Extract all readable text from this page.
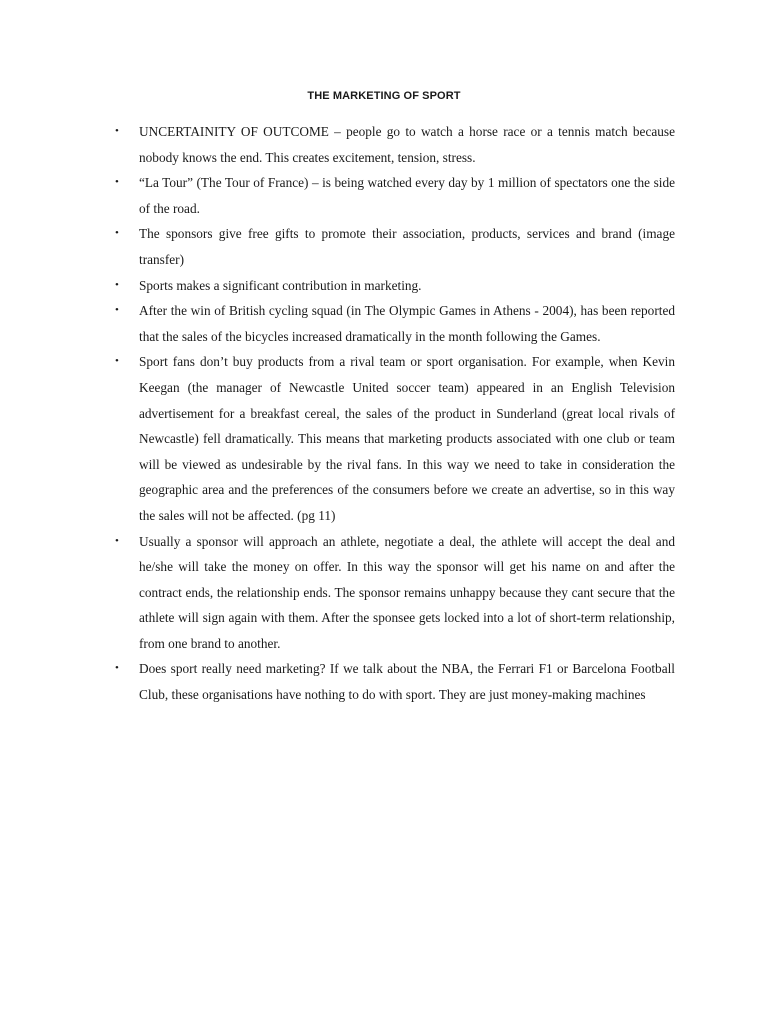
THE MARKETING OF SPORT
•	UNCERTAINITY OF OUTCOME – people go to watch a horse race or a tennis match because nobody knows the end. This creates excitement, tension, stress.
•	“La Tour” (The Tour of France) – is being watched every day by 1 million of spectators one the side of the road.
•	The sponsors give free gifts to promote their association, products, services and brand (image transfer)
•	Sports makes a significant contribution in marketing.
•	After the win of British cycling squad (in The Olympic Games in Athens - 2004), has been reported that the sales of the bicycles increased dramatically in the month following the Games.
•	Sport fans don’t buy products from a rival team or sport organisation. For example, when Kevin Keegan (the manager of Newcastle United soccer team) appeared in an English Television advertisement for a breakfast cereal, the sales of the product in Sunderland (great local rivals of Newcastle) fell dramatically. This means that marketing products associated with one club or team will be viewed as undesirable by the rival fans. In this way we need to take in consideration the geographic area and the preferences of the consumers before we create an advertise, so in this way the sales will not be affected. (pg 11)
•	Usually a sponsor will approach an athlete, negotiate a deal, the athlete will accept the deal and he/she will take the money on offer. In this way the sponsor will get his name on and after the contract ends, the relationship ends. The sponsor remains unhappy because they cant secure that the athlete will sign again with them. After the sponsee gets locked into a lot of short-term relationship, from one brand to another.
•	Does sport really need marketing? If we talk about the NBA, the Ferrari F1 or Barcelona Football Club, these organisations have nothing to do with sport. They are just money-making machines
